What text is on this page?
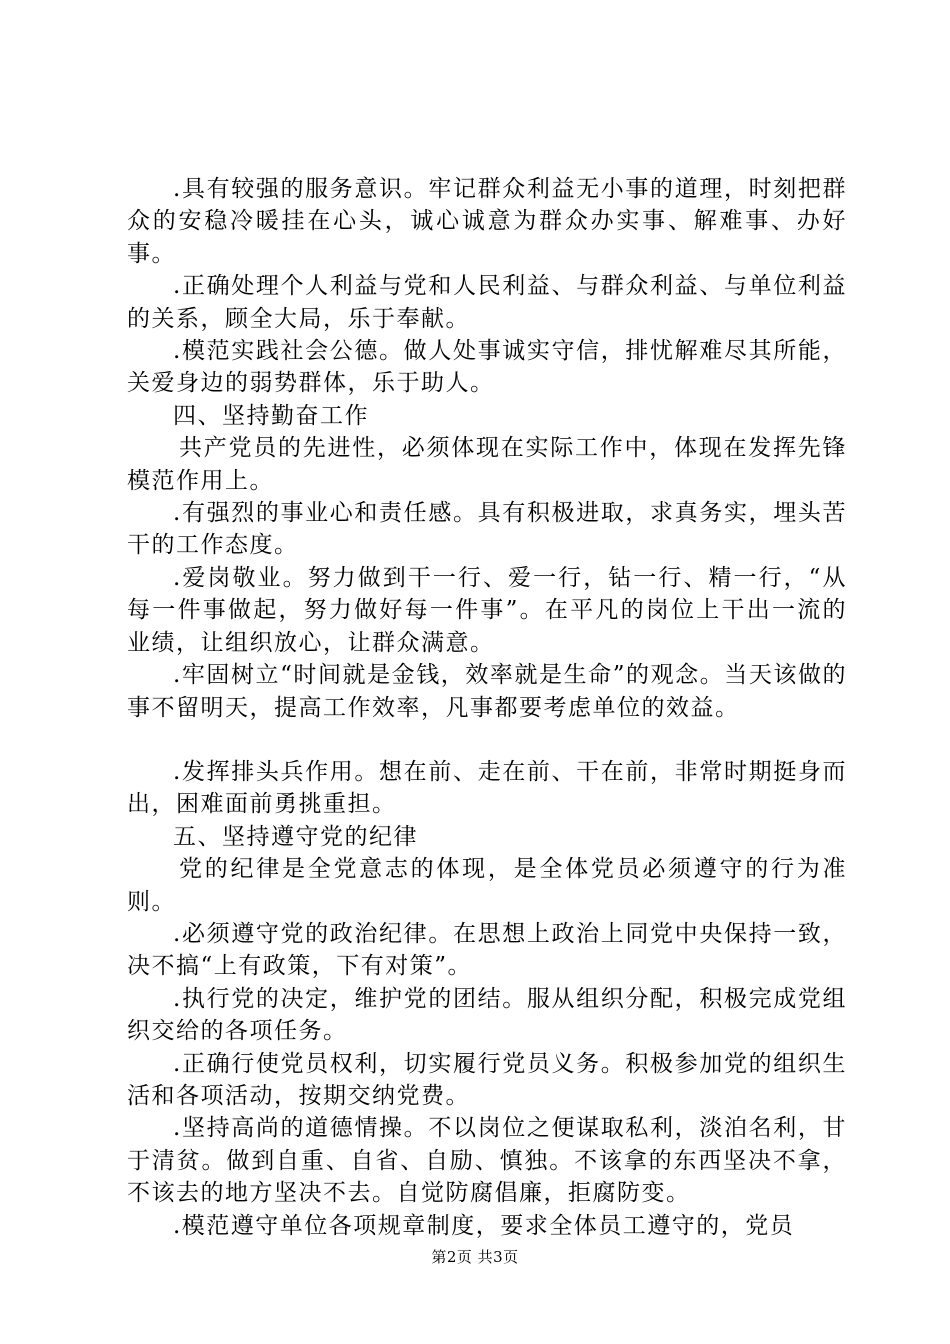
.具有较强的服务意识。牢记群众利益无小事的道理，时刻把群众的安稳冷暖挂在心头，诚心诚意为群众办实事、解难事、办好事。

.正确处理个人利益与党和人民利益、与群众利益、与单位利益的关系，顾全大局，乐于奉献。

.模范实践社会公德。做人处事诚实守信，排忧解难尽其所能，关爱身边的弱势群体，乐于助人。

四、坚持勤奋工作

共产党员的先进性，必须体现在实际工作中，体现在发挥先锋模范作用上。

.有强烈的事业心和责任感。具有积极进取，求真务实，埋头苦干的工作态度。

.爱岗敬业。努力做到干一行、爱一行，钻一行、精一行，“从每一件事做起，努力做好每一件事”。在平凡的岗位上干出一流的业绩，让组织放心，让群众满意。

.牢固树立“时间就是金钱，效率就是生命”的观念。当天该做的事不留明天，提高工作效率，凡事都要考虑单位的效益。

.发挥排头兵作用。想在前、走在前、干在前，非常时期挺身而出，困难面前勇挑重担。

五、坚持遵守党的纪律

党的纪律是全党意志的体现，是全体党员必须遵守的行为准则。

.必须遵守党的政治纪律。在思想上政治上同党中央保持一致，决不搞“上有政策，下有对策”。

.执行党的决定，维护党的团结。服从组织分配，积极完成党组织交给的各项任务。

.正确行使党员权利，切实履行党员义务。积极参加党的组织生活和各项活动，按期交纳党费。

.坚持高尚的道德情操。不以岗位之便谋取私利，淡泊名利，甘于清贫。做到自重、自省、自励、慎独。不该拿的东西坚决不拿，不该去的地方坚决不去。自觉防腐倡廉，拒腐防变。

.模范遵守单位各项规章制度，要求全体员工遵守的，党员

第2页 共3页
